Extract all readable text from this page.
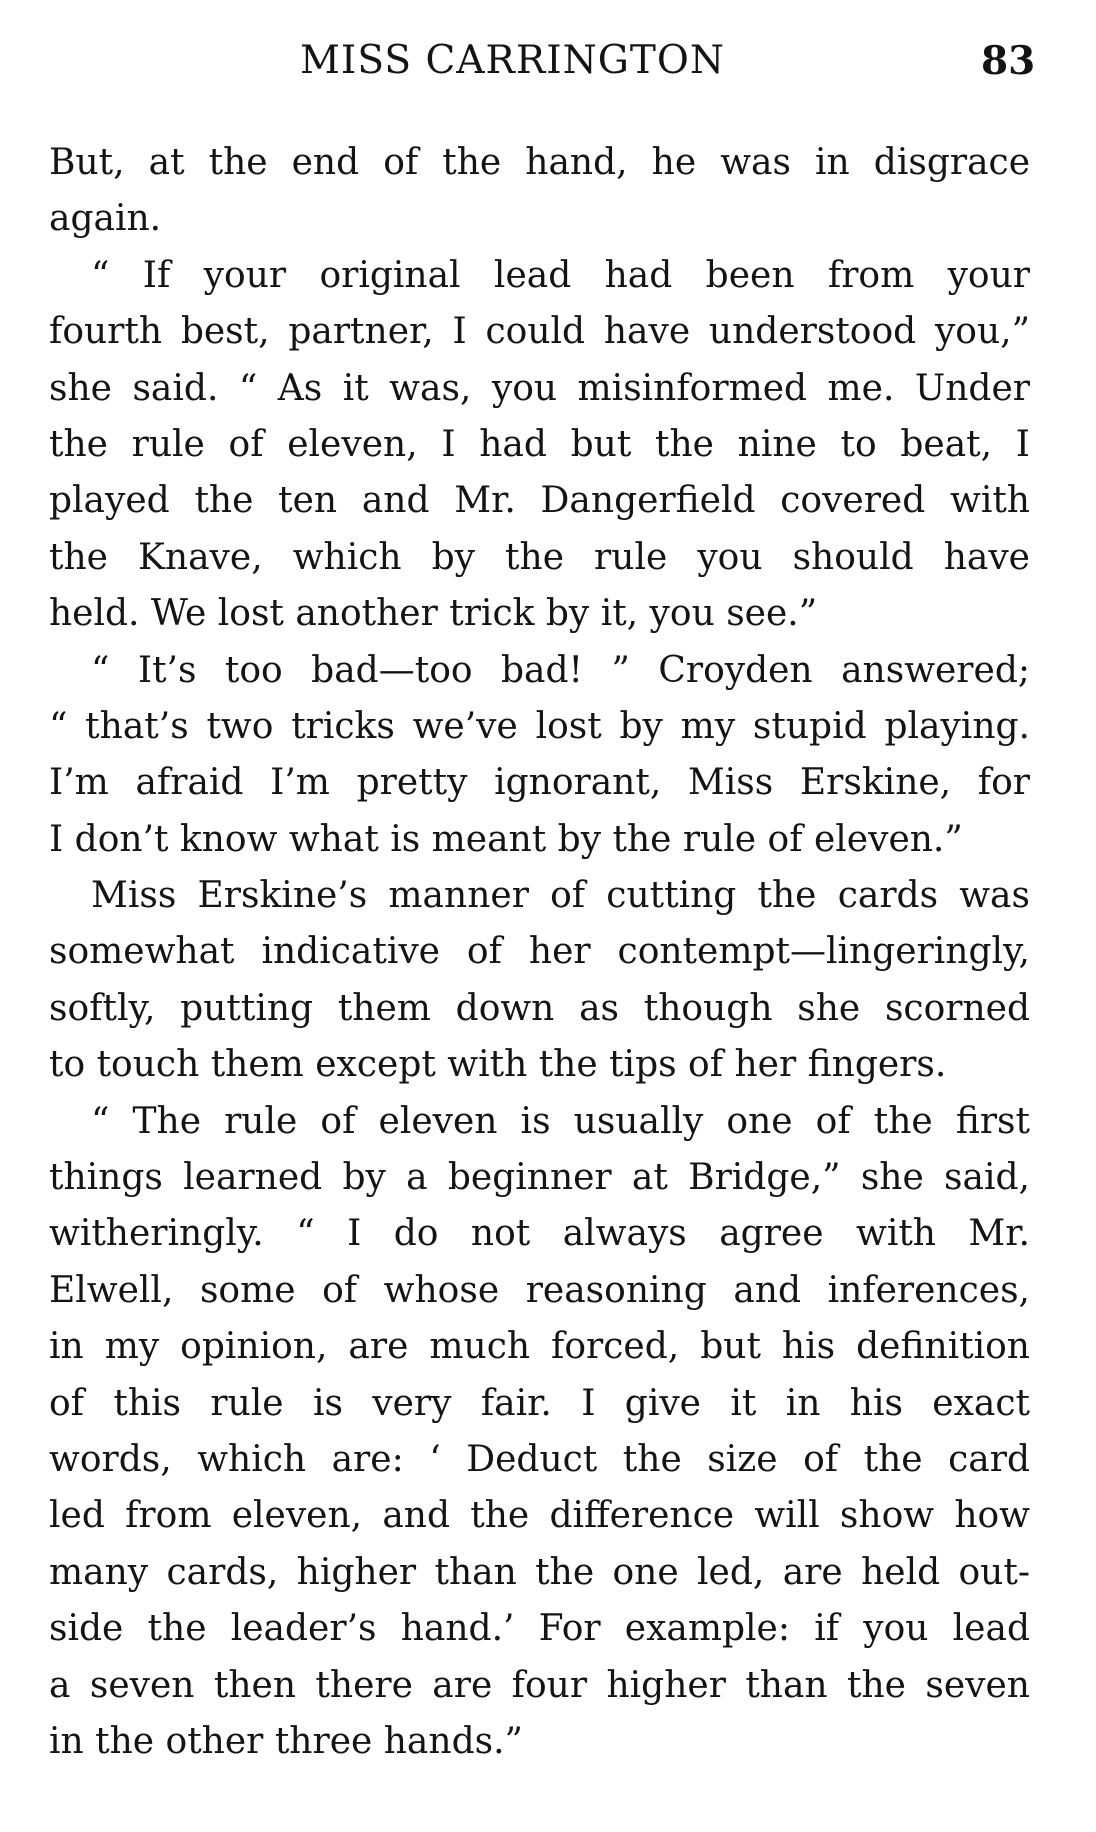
MISS CARRINGTON	83
But, at the end of the hand, he was in disgrace
again.
“ If your original lead had been from your
fourth best, partner, I could have understood you,”
she said. “ As it was, you misinformed me. Under
the rule of eleven, I had but the nine to beat, I
played the ten and Mr. Dangerfield covered with
the Knave, which by the rule you should have
held. We lost another trick by it, you see.”
“ It’s too bad—too bad! ” Croyden answered;
“ that’s two tricks we’ve lost by my stupid playing.
I’m afraid I’m pretty ignorant, Miss Erskine, for
I don’t know what is meant by the rule of eleven.”
Miss Erskine’s manner of cutting the cards was
somewhat indicative of her contempt—lingeringly,
softly, putting them down as though she scorned
to touch them except with the tips of her fingers.
“ The rule of eleven is usually one of the first
things learned by a beginner at Bridge,” she said,
witheringly. “ I do not always agree with Mr.
Elwell, some of whose reasoning and inferences,
in my opinion, are much forced, but his definition
of this rule is very fair. I give it in his exact
words, which are: ‘ Deduct the size of the card
led from eleven, and the difference will show how
many cards, higher than the one led, are held out-
side the leader’s hand.’ For example: if you lead
a seven then there are four higher than the seven
in the other three hands.”
